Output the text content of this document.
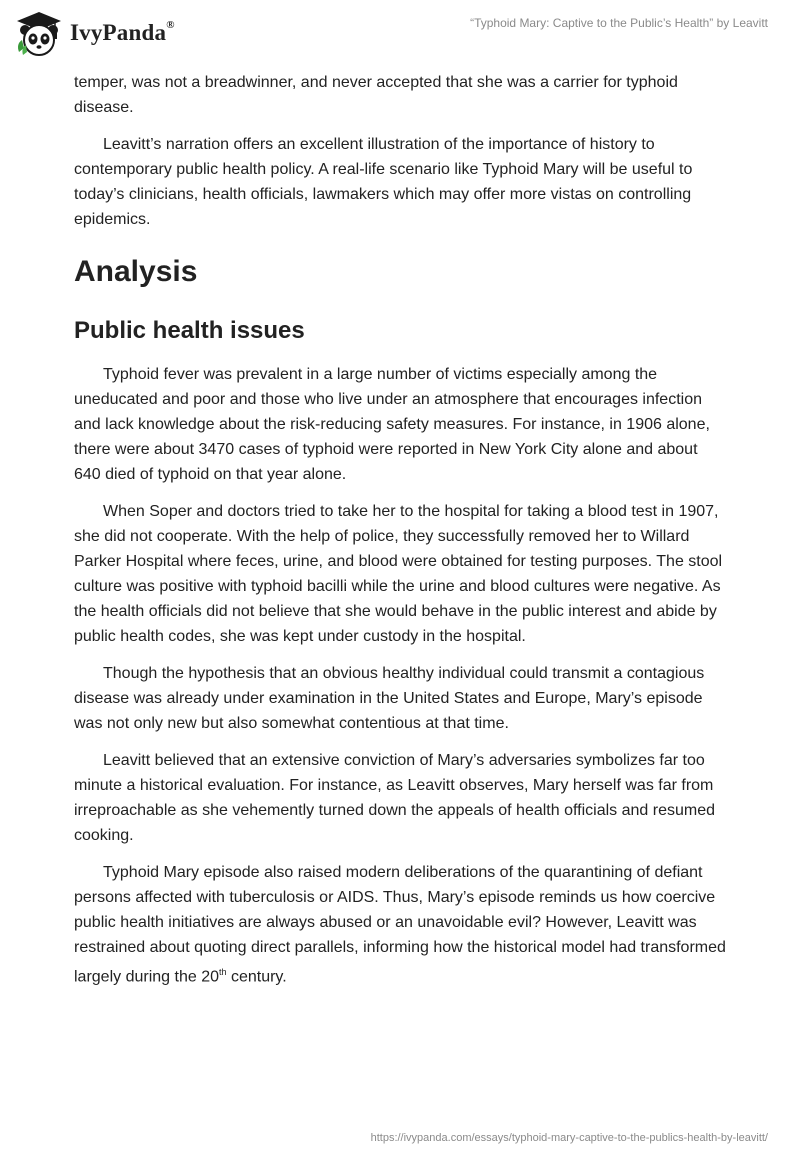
IvyPanda®	“Typhoid Mary: Captive to the Public’s Health” by Leavitt

temper, was not a breadwinner, and never accepted that she was a carrier for typhoid disease.

Leavitt’s narration offers an excellent illustration of the importance of history to contemporary public health policy. A real-life scenario like Typhoid Mary will be useful to today’s clinicians, health officials, lawmakers which may offer more vistas on controlling epidemics.

Analysis
Public health issues

Typhoid fever was prevalent in a large number of victims especially among the uneducated and poor and those who live under an atmosphere that encourages infection and lack knowledge about the risk-reducing safety measures. For instance, in 1906 alone, there were about 3470 cases of typhoid were reported in New York City alone and about 640 died of typhoid on that year alone.

When Soper and doctors tried to take her to the hospital for taking a blood test in 1907, she did not cooperate. With the help of police, they successfully removed her to Willard Parker Hospital where feces, urine, and blood were obtained for testing purposes. The stool culture was positive with typhoid bacilli while the urine and blood cultures were negative. As the health officials did not believe that she would behave in the public interest and abide by public health codes, she was kept under custody in the hospital.

Though the hypothesis that an obvious healthy individual could transmit a contagious disease was already under examination in the United States and Europe, Mary’s episode was not only new but also somewhat contentious at that time.

Leavitt believed that an extensive conviction of Mary’s adversaries symbolizes far too minute a historical evaluation. For instance, as Leavitt observes, Mary herself was far from irreproachable as she vehemently turned down the appeals of health officials and resumed cooking.

Typhoid Mary episode also raised modern deliberations of the quarantining of defiant persons affected with tuberculosis or AIDS. Thus, Mary’s episode reminds us how coercive public health initiatives are always abused or an unavoidable evil? However, Leavitt was restrained about quoting direct parallels, informing how the historical model had transformed largely during the 20th century.

https://ivypanda.com/essays/typhoid-mary-captive-to-the-publics-health-by-leavitt/
